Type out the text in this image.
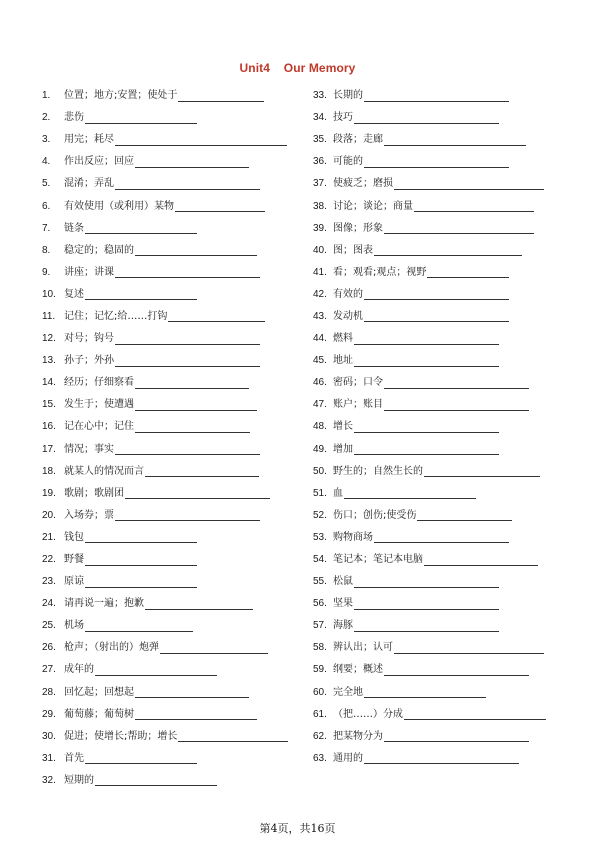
Unit4    Our Memory
1.	位置；地方;安置；使处于
2.	悲伤
3.	用完；耗尽
4.	作出反应；回应
5.	混淆；弄乱
6.	有效使用（或利用）某物
7.	链条
8.	稳定的；稳固的
9.	讲座；讲课
10. 复述
11. 记住；记忆;给……打钩
12. 对号；钩号
13. 孙子；外孙
14. 经历；仔细察看
15. 发生于；使遭遇
16. 记在心中；记住
17. 情况；事实
18. 就某人的情况而言
19. 歌剧；歌剧团
20. 入场券；票
21. 钱包
22. 野餐
23. 原谅
24. 请再说一遍；抱歉
25. 机场
26. 枪声；（射出的）炮弹
27. 成年的
28. 回忆起；回想起
29. 葡萄藤；葡萄树
30. 促进；使增长;帮助；增长
31. 首先
32. 短期的
33. 长期的
34. 技巧
35. 段落；走廊
36. 可能的
37. 使疲乏；磨损
38. 讨论；谈论；商量
39. 图像；形象
40. 图；图表
41. 看；观看;观点；视野
42. 有效的
43. 发动机
44. 燃料
45. 地址
46. 密码；口令
47. 账户；账目
48. 增长
49. 增加
50. 野生的；自然生长的
51. 血
52. 伤口；创伤;使受伤
53. 购物商场
54. 笔记本；笔记本电脑
55. 松鼠
56. 坚果
57. 海豚
58. 辨认出；认可
59. 纲要；概述
60. 完全地
61. （把……）分成
62. 把某物分为
63. 通用的
第4页，共16页
